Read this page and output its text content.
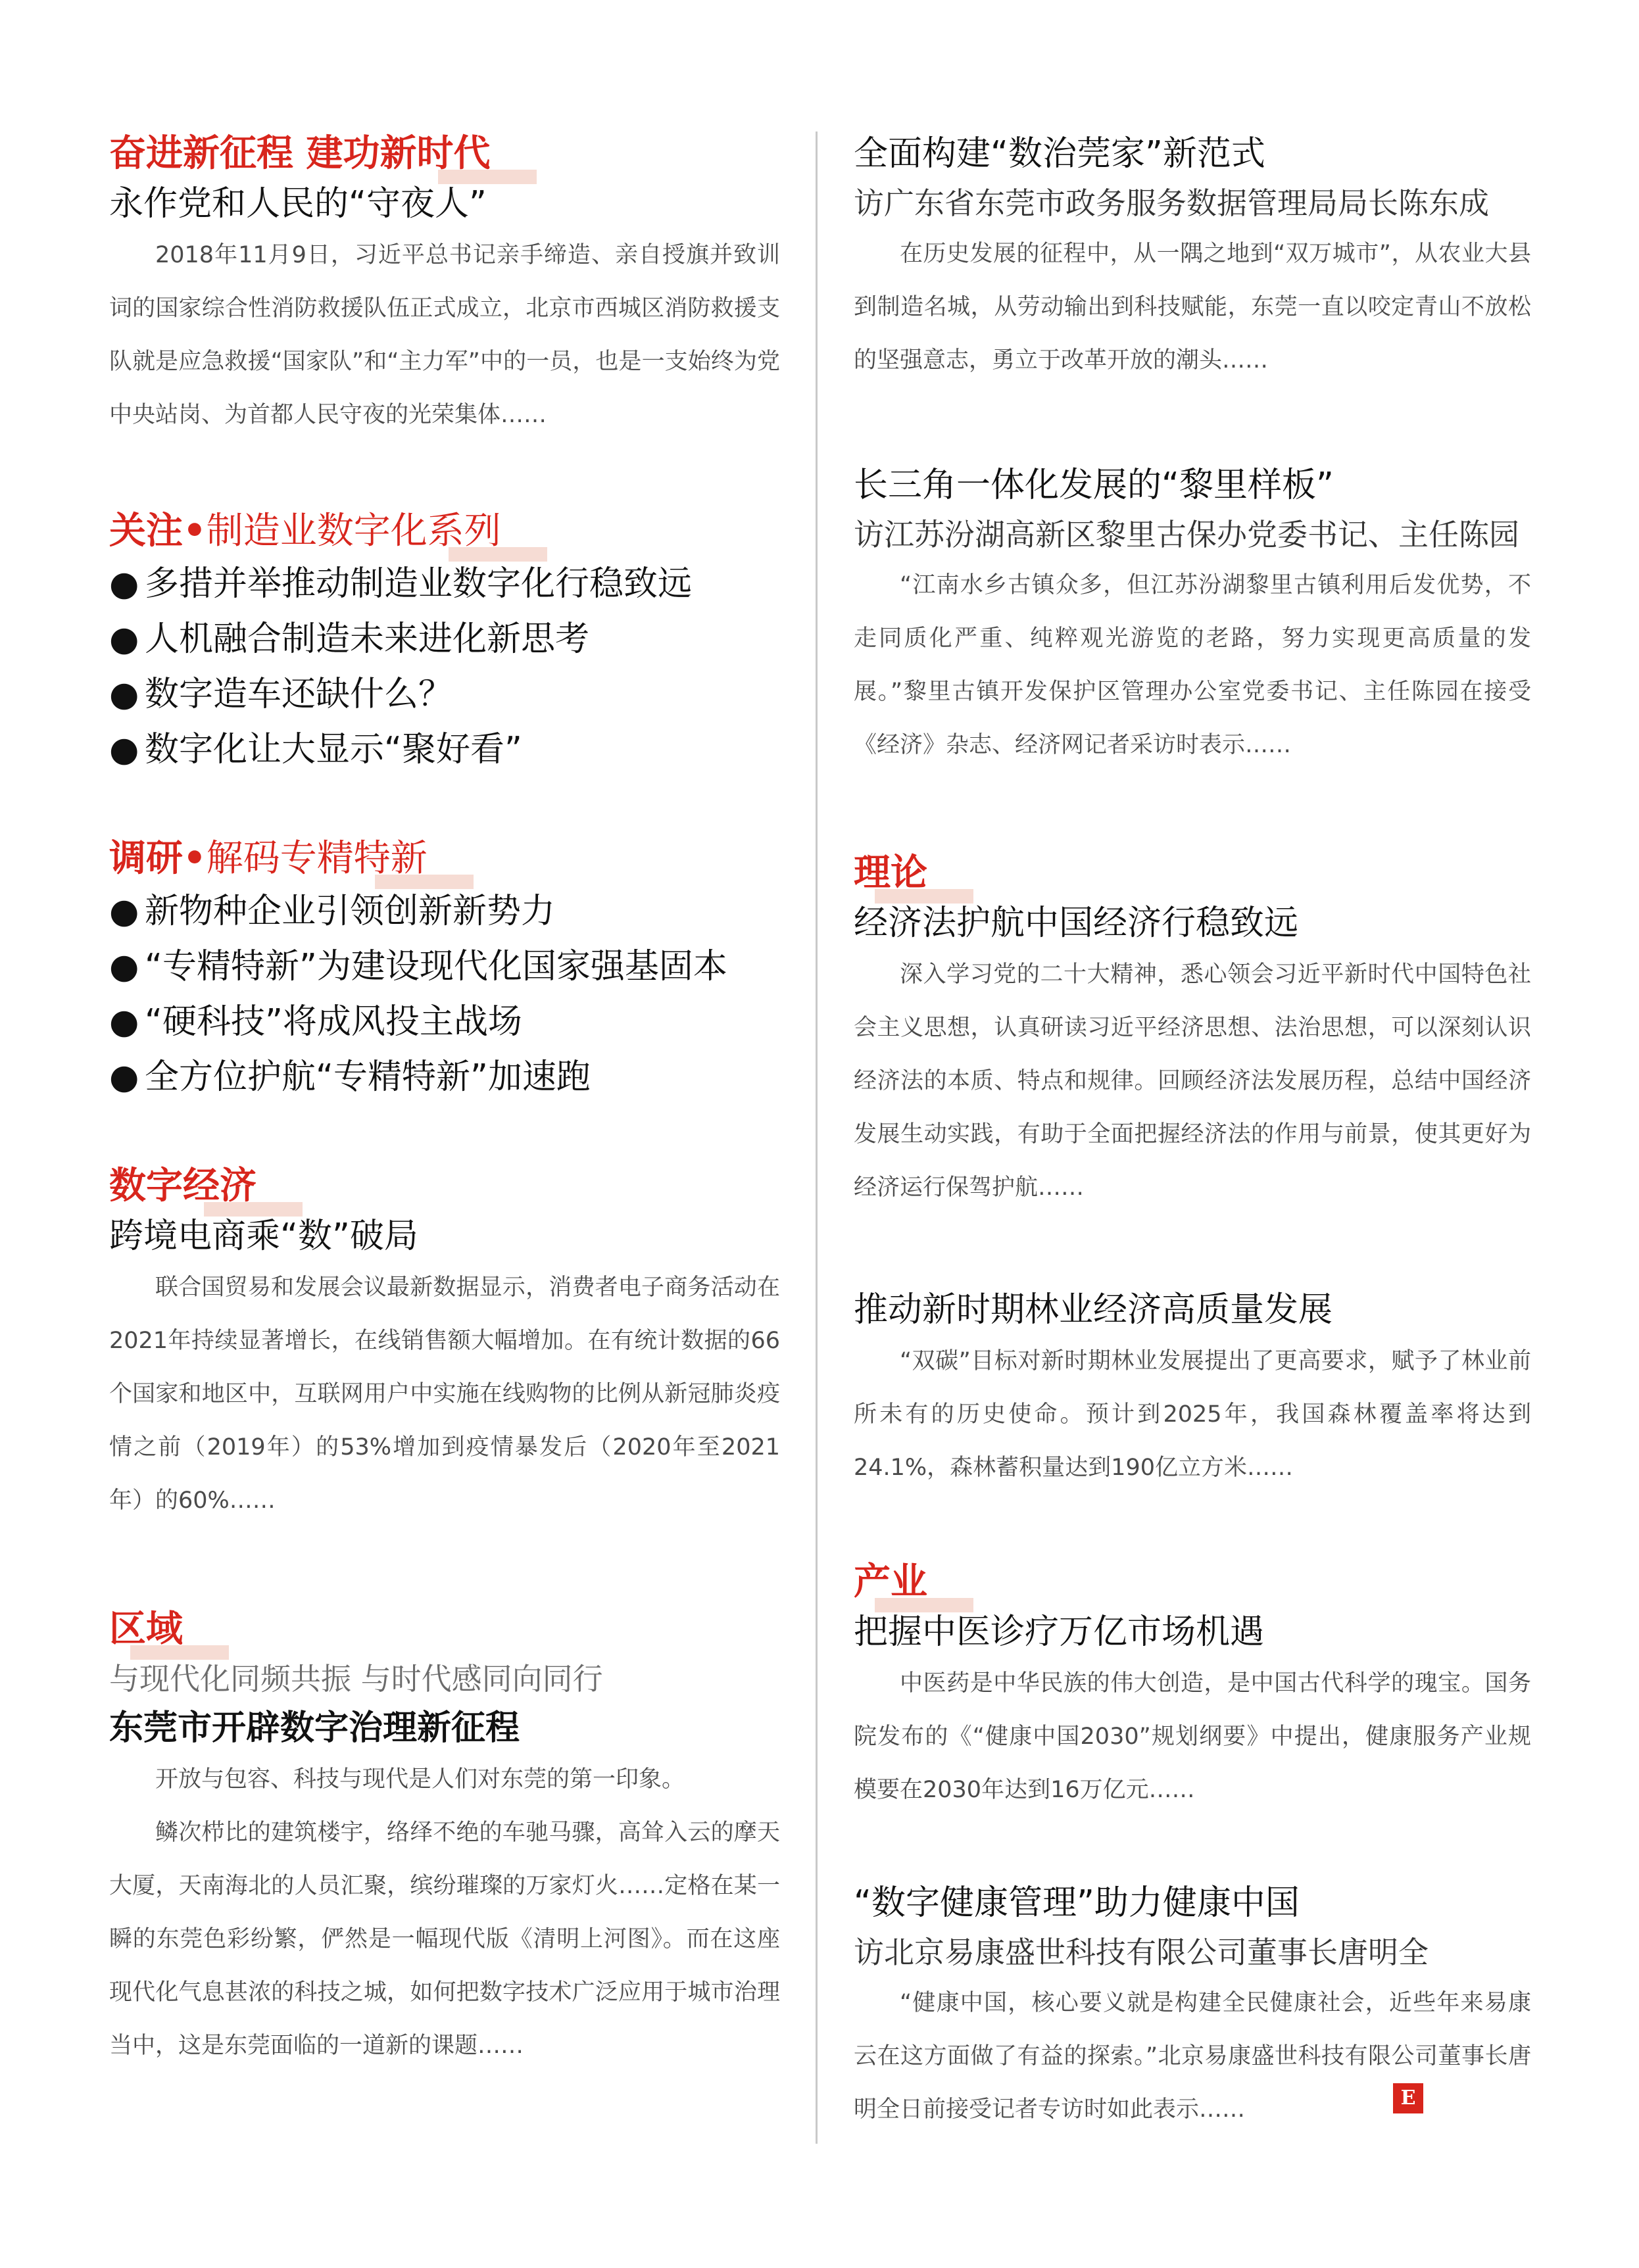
奋进新征程 建功新时代

永作党和人民的“守夜人”

2018年11月9日，习近平总书记亲手缔造、亲自授旗并致训词的国家综合性消防救援队伍正式成立，北京市西城区消防救援支队就是应急救援“国家队”和“主力军”中的一员，也是一支始终为党中央站岗、为首都人民守夜的光荣集体……

关注•制造业数字化系列
● 多措并举推动制造业数字化行稳致远
● 人机融合制造未来进化新思考
● 数字造车还缺什么？
● 数字化让大显示“聚好看”
调研•解码专精特新
● 新物种企业引领创新新势力
● “专精特新”为建设现代化国家强基固本
● “硬科技”将成风投主战场
● 全方位护航“专精特新”加速跑
数字经济

跨境电商乘“数”破局

联合国贸易和发展会议最新数据显示，消费者电子商务活动在2021年持续显著增长，在线销售额大幅增加。在有统计数据的66个国家和地区中，互联网用户中实施在线购物的比例从新冠肺炎疫情之前（2019年）的53%增加到疫情暴发后（2020年至2021年）的60%……

区域

与现代化同频共振 与时代感同向同行

东莞市开辟数字治理新征程

开放与包容、科技与现代是人们对东莞的第一印象。

鳞次栉比的建筑楼宇，络绎不绝的车驰马骤，高耸入云的摩天大厦，天南海北的人员汇聚，缤纷璀璨的万家灯火……定格在某一瞬的东莞色彩纷繁，俨然是一幅现代版《清明上河图》。而在这座现代化气息甚浓的科技之城，如何把数字技术广泛应用于城市治理当中，这是东莞面临的一道新的课题……

全面构建“数治莞家”新范式

访广东省东莞市政务服务数据管理局局长陈东成

在历史发展的征程中，从一隅之地到“双万城市”，从农业大县到制造名城，从劳动输出到科技赋能，东莞一直以咬定青山不放松的坚强意志，勇立于改革开放的潮头……

长三角一体化发展的“黎里样板”

访江苏汾湖高新区黎里古保办党委书记、主任陈园

“江南水乡古镇众多，但江苏汾湖黎里古镇利用后发优势，不走同质化严重、纯粹观光游览的老路，努力实现更高质量的发展。”黎里古镇开发保护区管理办公室党委书记、主任陈园在接受《经济》杂志、经济网记者采访时表示……

理论

经济法护航中国经济行稳致远

深入学习党的二十大精神，悉心领会习近平新时代中国特色社会主义思想，认真研读习近平经济思想、法治思想，可以深刻认识经济法的本质、特点和规律。回顾经济法发展历程，总结中国经济发展生动实践，有助于全面把握经济法的作用与前景，使其更好为经济运行保驾护航……

推动新时期林业经济高质量发展

“双碳”目标对新时期林业发展提出了更高要求，赋予了林业前所未有的历史使命。预计到2025年，我国森林覆盖率将达到24.1%，森林蓄积量达到190亿立方米……

产业

把握中医诊疗万亿市场机遇

中医药是中华民族的伟大创造，是中国古代科学的瑰宝。国务院发布的《“健康中国2030”规划纲要》中提出，健康服务产业规模要在2030年达到16万亿元……

“数字健康管理”助力健康中国

访北京易康盛世科技有限公司董事长唐明全

“健康中国，核心要义就是构建全民健康社会，近些年来易康云在这方面做了有益的探索。”北京易康盛世科技有限公司董事长唐明全日前接受记者专访时如此表示……	E
